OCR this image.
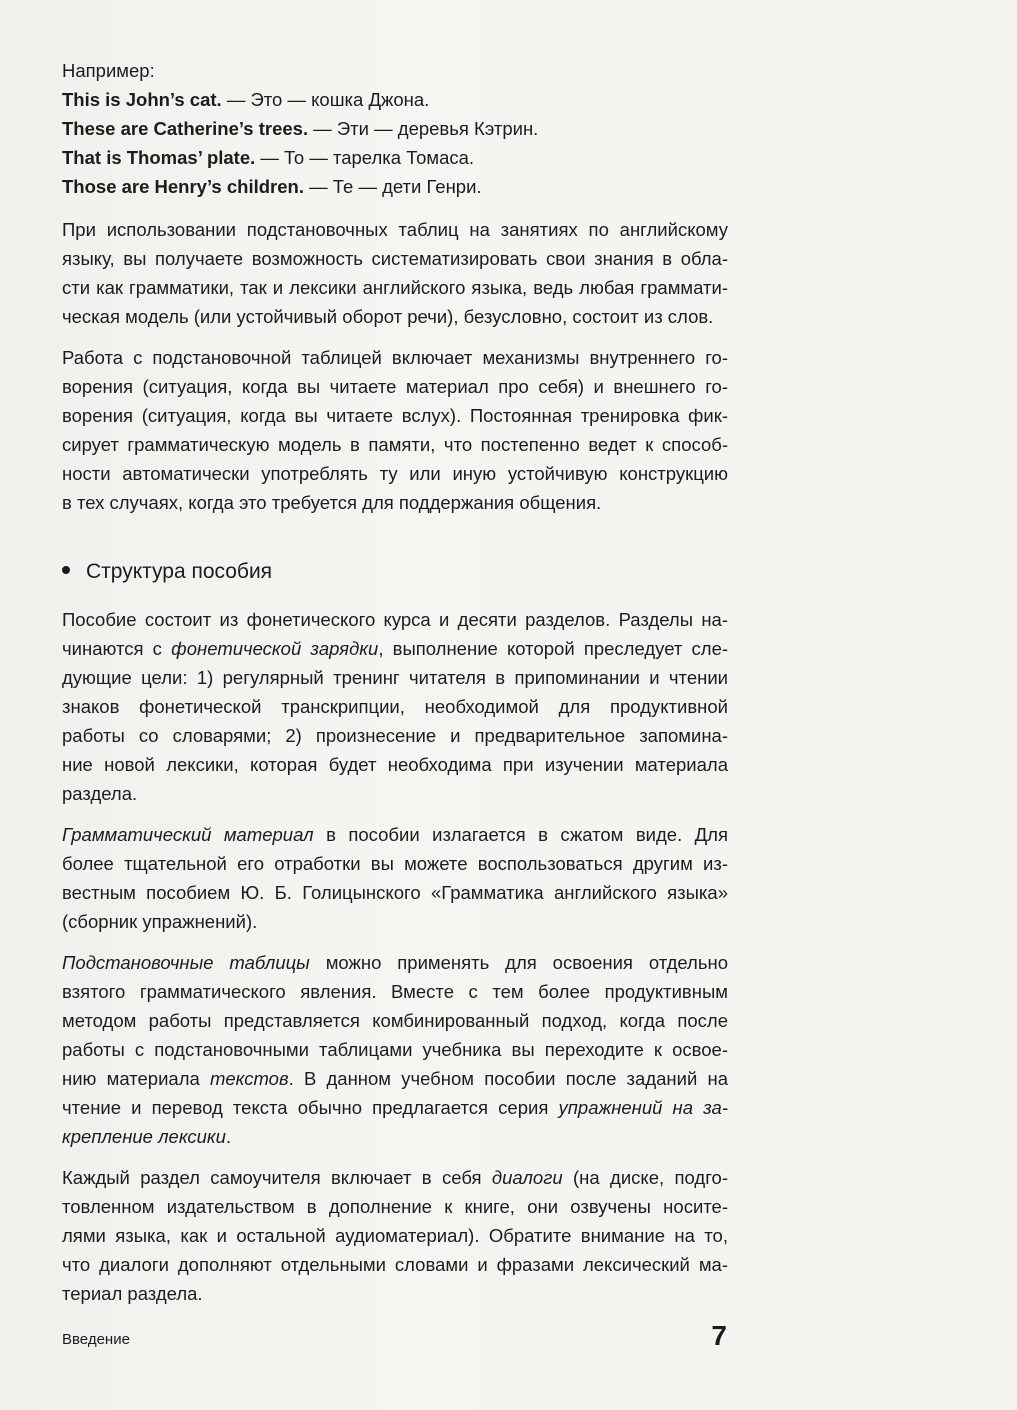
Например:
This is John’s cat. — Это — кошка Джона.
These are Catherine’s trees. — Эти — деревья Кэтрин.
That is Thomas’ plate. — То — тарелка Томаса.
Those are Henry’s children. — Те — дети Генри.
При использовании подстановочных таблиц на занятиях по английскому
языку, вы получаете возможность систематизировать свои знания в обла-
сти как грамматики, так и лексики английского языка, ведь любая граммати-
ческая модель (или устойчивый оборот речи), безусловно, состоит из слов.
Работа с подстановочной таблицей включает механизмы внутреннего го-
ворения (ситуация, когда вы читаете материал про себя) и внешнего го-
ворения (ситуация, когда вы читаете вслух). Постоянная тренировка фик-
сирует грамматическую модель в памяти, что постепенно ведет к способ-
ности автоматически употреблять ту или иную устойчивую конструкцию
в тех случаях, когда это требуется для поддержания общения.
Структура пособия
Пособие состоит из фонетического курса и десяти разделов. Разделы на-
чинаются с фонетической зарядки, выполнение которой преследует сле-
дующие цели: 1) регулярный тренинг читателя в припоминании и чтении
знаков фонетической транскрипции, необходимой для продуктивной
работы со словарями; 2) произнесение и предварительное запомина-
ние новой лексики, которая будет необходима при изучении материала
раздела.
Грамматический материал в пособии излагается в сжатом виде. Для
более тщательной его отработки вы можете воспользоваться другим из-
вестным пособием Ю. Б. Голицынского «Грамматика английского языка»
(сборник упражнений).
Подстановочные таблицы можно применять для освоения отдельно
взятого грамматического явления. Вместе с тем более продуктивным
методом работы представляется комбинированный подход, когда после
работы с подстановочными таблицами учебника вы переходите к освое-
нию материала текстов. В данном учебном пособии после заданий на
чтение и перевод текста обычно предлагается серия упражнений на за-
крепление лексики.
Каждый раздел самоучителя включает в себя диалоги (на диске, подго-
товленном издательством в дополнение к книге, они озвучены носите-
лями языка, как и остальной аудиоматериал). Обратите внимание на то,
что диалоги дополняют отдельными словами и фразами лексический ма-
териал раздела.
Введение	7
